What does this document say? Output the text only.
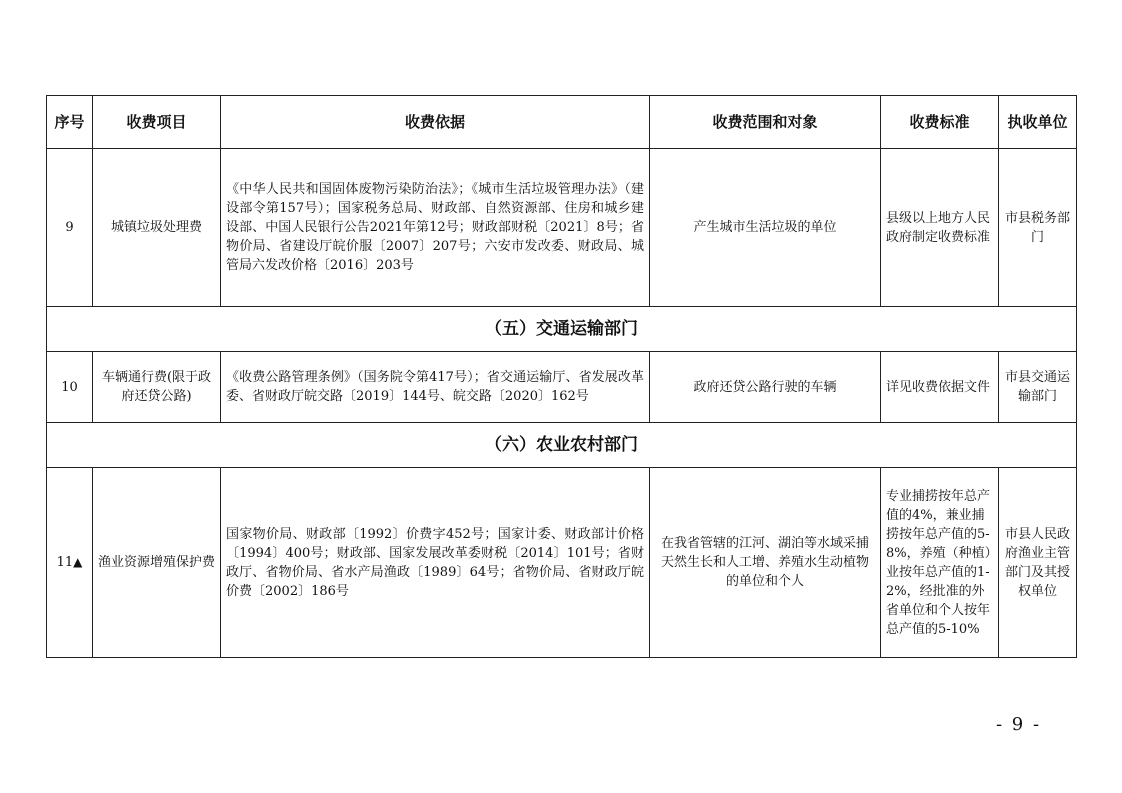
序号	收费项目	收费依据	收费范围和对象	收费标准	执收单位
9	城镇垃圾处理费	《中华人民共和国固体废物污染防治法》；《城市生活垃圾管理办法》（建设部令第157号）；国家税务总局、财政部、自然资源部、住房和城乡建设部、中国人民银行公告2021年第12号；财政部财税〔2021〕8号；省物价局、省建设厅皖价服〔2007〕207号；六安市发改委、财政局、城管局六发改价格〔2016〕203号	产生城市生活垃圾的单位	县级以上地方人民政府制定收费标准	市县税务部门
（五）交通运输部门					
10	车辆通行费(限于政府还贷公路)	《收费公路管理条例》（国务院令第417号）；省交通运输厅、省发展改革委、省财政厅皖交路〔2019〕144号、皖交路〔2020〕162号	政府还贷公路行驶的车辆	详见收费依据文件	市县交通运输部门
（六）农业农村部门					
11▲	渔业资源增殖保护费	国家物价局、财政部〔1992〕价费字452号；国家计委、财政部计价格〔1994〕400号；财政部、国家发展改革委财税〔2014〕101号；省财政厅、省物价局、省水产局渔政〔1989〕64号；省物价局、省财政厅皖价费〔2002〕186号	在我省管辖的江河、湖泊等水域采捕天然生长和人工增、养殖水生动植物的单位和个人	专业捕捞按年总产值的4%，兼业捕捞按年总产值的5-8%，养殖（种植）业按年总产值的1-2%，经批准的外省单位和个人按年总产值的5-10%	市县人民政府渔业主管部门及其授权单位
- 9 -
